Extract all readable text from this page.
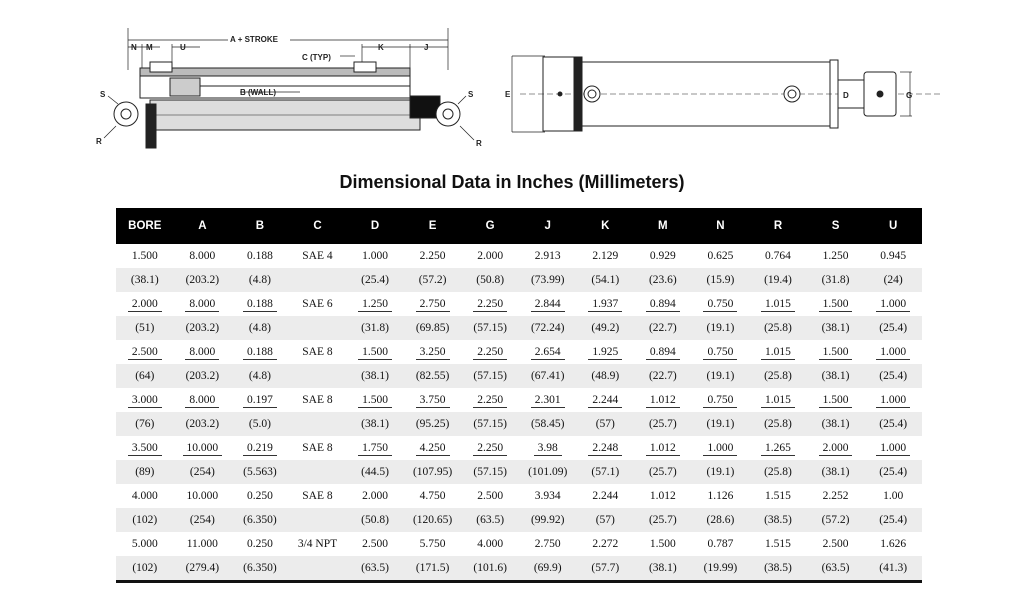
A + STROKE
N M	U	K	J
C (TYP)
B (WALL)
S
R
S
R
E	D	G
Dimensional Data in Inches (Millimeters)
BORE	A	B	C	D	E	G	J	K	M	N	R	S	U
1.500	8.000	0.188	SAE 4	1.000	2.250	2.000	2.913	2.129	0.929	0.625	0.764	1.250	0.945
(38.1)	(203.2)	(4.8)		(25.4)	(57.2)	(50.8)	(73.99)	(54.1)	(23.6)	(15.9)	(19.4)	(31.8)	(24)
2.000	8.000	0.188	SAE 6	1.250	2.750	2.250	2.844	1.937	0.894	0.750	1.015	1.500	1.000
(51)	(203.2)	(4.8)		(31.8)	(69.85)	(57.15)	(72.24)	(49.2)	(22.7)	(19.1)	(25.8)	(38.1)	(25.4)
2.500	8.000	0.188	SAE 8	1.500	3.250	2.250	2.654	1.925	0.894	0.750	1.015	1.500	1.000
(64)	(203.2)	(4.8)		(38.1)	(82.55)	(57.15)	(67.41)	(48.9)	(22.7)	(19.1)	(25.8)	(38.1)	(25.4)
3.000	8.000	0.197	SAE 8	1.500	3.750	2.250	2.301	2.244	1.012	0.750	1.015	1.500	1.000
(76)	(203.2)	(5.0)		(38.1)	(95.25)	(57.15)	(58.45)	(57)	(25.7)	(19.1)	(25.8)	(38.1)	(25.4)
3.500	10.000	0.219	SAE 8	1.750	4.250	2.250	3.98	2.248	1.012	1.000	1.265	2.000	1.000
(89)	(254)	(5.563)		(44.5)	(107.95)	(57.15)	(101.09)	(57.1)	(25.7)	(19.1)	(25.8)	(38.1)	(25.4)
4.000	10.000	0.250	SAE 8	2.000	4.750	2.500	3.934	2.244	1.012	1.126	1.515	2.252	1.00
(102)	(254)	(6.350)		(50.8)	(120.65)	(63.5)	(99.92)	(57)	(25.7)	(28.6)	(38.5)	(57.2)	(25.4)
5.000	11.000	0.250	3/4 NPT	2.500	5.750	4.000	2.750	2.272	1.500	0.787	1.515	2.500	1.626
(102)	(279.4)	(6.350)		(63.5)	(171.5)	(101.6)	(69.9)	(57.7)	(38.1)	(19.99)	(38.5)	(63.5)	(41.3)
